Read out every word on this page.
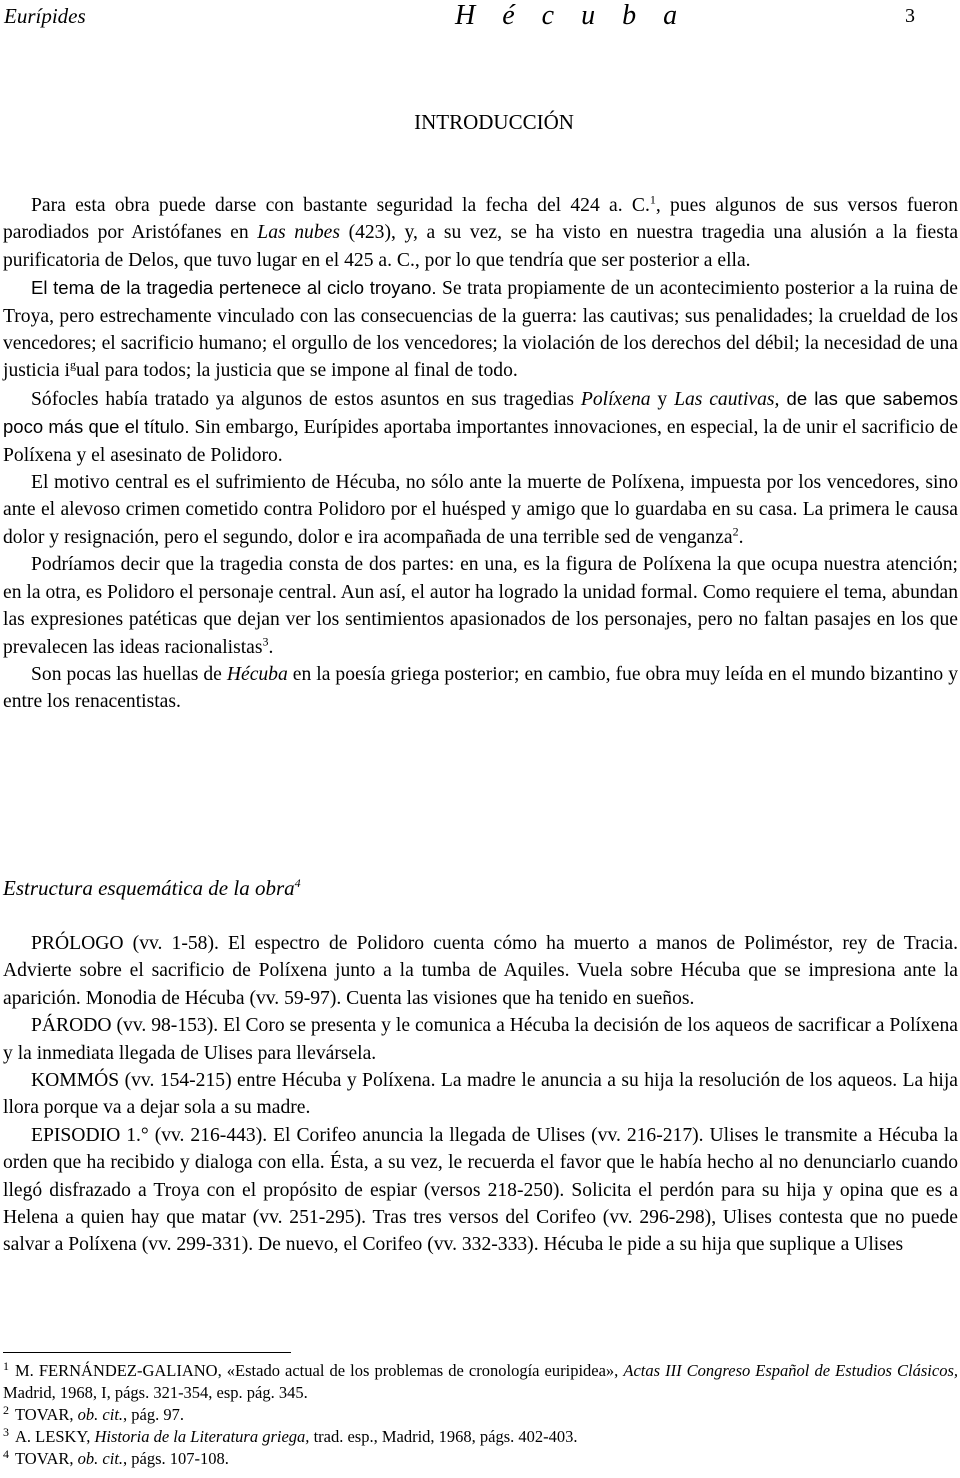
Eurípides	H é c u b a	3
INTRODUCCIÓN

Para esta obra puede darse con bastante seguridad la fecha del 424 a. C.$^1$, pues algunos de sus versos fueron parodiados por Aristófanes en Las nubes (423), y, a su vez, se ha visto en nuestra tragedia una alusión a la fiesta purificatoria de Delos, que tuvo lugar en el 425 a. C., por lo que tendría que ser posterior a ella.

El tema de la tragedia pertenece al ciclo troyano. Se trata propiamente de un acontecimiento posterior a la ruina de Troya, pero estrechamente vinculado con las consecuencias de la guerra: las cautivas; sus penalidades; la crueldad de los vencedores; el sacrificio humano; el orgullo de los vencedores; la violación de los derechos del débil; la necesidad de una justicia $i^gual$ para todos; la justicia que se impone al final de todo.

Sófocles había tratado ya algunos de estos asuntos en sus tragedias Políxena y Las cautivas, de las que sabemos poco más que el título. Sin embargo, Eurípides aportaba importantes innovaciones, en especial, la de unir el sacrificio de Políxena y el asesinato de Polidoro.

El motivo central es el sufrimiento de Hécuba, no sólo ante la muerte de Políxena, impuesta por los vencedores, sino ante el alevoso crimen cometido contra Polidoro por el huésped y amigo que lo guardaba en su casa. La primera le causa dolor y resignación, pero el segundo, dolor e ira acompañada de una terrible sed de venganza$^2$.

Podríamos decir que la tragedia consta de dos partes: en una, es la figura de Políxena la que ocupa nuestra atención; en la otra, es Polidoro el personaje central. Aun así, el autor ha logrado la unidad formal. Como requiere el tema, abundan las expresiones patéticas que dejan ver los sentimientos apasionados de los personajes, pero no faltan pasajes en los que prevalecen las ideas racionalistas$^3$.

Son pocas las huellas de Hécuba en la poesía griega posterior; en cambio, fue obra muy leída en el mundo bizantino y entre los renacentistas.

Estructura esquemática de la obra$^4$

PRÓLOGO (vv. 1-58). El espectro de Polidoro cuenta cómo ha muerto a manos de Poliméstor, rey de Tracia. Advierte sobre el sacrificio de Políxena junto a la tumba de Aquiles. Vuela sobre Hécuba que se impresiona ante la aparición. Monodia de Hécuba (vv. 59-97). Cuenta las visiones que ha tenido en sueños.

PÁRODO (vv. 98-153). El Coro se presenta y le comunica a Hécuba la decisión de los aqueos de sacrificar a Políxena y la inmediata llegada de Ulises para llevársela.

KOMMÓS (vv. 154-215) entre Hécuba y Políxena. La madre le anuncia a su hija la resolución de los aqueos. La hija llora porque va a dejar sola a su madre.

EPISODIO 1.° (vv. 216-443). El Corifeo anuncia la llegada de Ulises (vv. 216-217). Ulises le transmite a Hécuba la orden que ha recibido y dialoga con ella. Ésta, a su vez, le recuerda el favor que le había hecho al no denunciarlo cuando llegó disfrazado a Troya con el propósito de espiar (versos 218-250). Solicita el perdón para su hija y opina que es a Helena a quien hay que matar (vv. 251-295). Tras tres versos del Corifeo (vv. 296-298), Ulises contesta que no puede salvar a Políxena (vv. 299-331). De nuevo, el Corifeo (vv. 332-333). Hécuba le pide a su hija que suplique a Ulises

$^1$ M. FERNÁNDEZ-GALIANO, «Estado actual de los problemas de cronología euripidea», Actas III Congreso Español de Estudios Clásicos, Madrid, 1968, I, págs. 321-354, esp. pág. 345.
$^2$ TOVAR, ob. cit., pág. 97.
$^3$ A. LESKY, Historia de la Literatura griega, trad. esp., Madrid, 1968, págs. 402-403.
$^4$ TOVAR, ob. cit., págs. 107-108.
